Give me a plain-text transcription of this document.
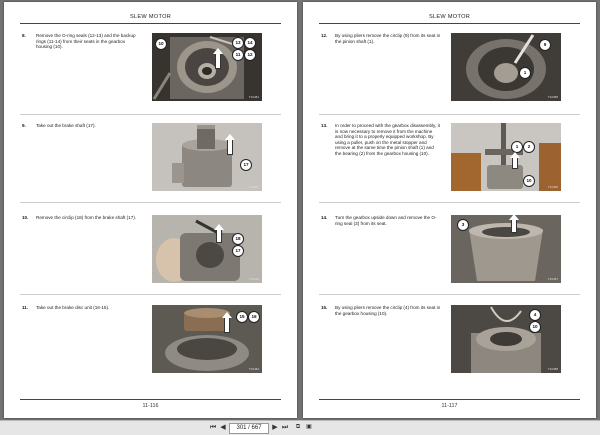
SLEW MOTOR
8. Remove the O-ring seals (12-13) and the backup rings (11-14) from their seats in the gearbox housing (10).
10	13	14
11	12
T10481
9. Take out the brake shaft (17).
17
T10482
10. Remove the circlip (18) from the brake shaft (17).
18
17
T10483
11. Take out the brake disc unit (16-15).
15	16
T10484
11-116
SLEW MOTOR
12. By using pliers remove the circlip (9) from its seat in the pinion shaft (1).
9
1
T10485
13. In order to proceed with the gearbox disassembly, it is now necessary to remove it from the machine and bring it to a properly equipped workshop. By using a puller, push on the metal stopper and remove at the same time the pinion shaft (1) and the bearing (2) from the gearbox housing (10).
1	2
10
T10486
14. Turn the gearbox upside down and remove the O-ring seal (3) from its seat.	3
T10487
15. By using pliers remove the circlip (4) from its seat in the gearbox housing (10).	4
10
T10488
11-117
⏮ ◀	301 / 667	▶ ⏭	⧉	▣
